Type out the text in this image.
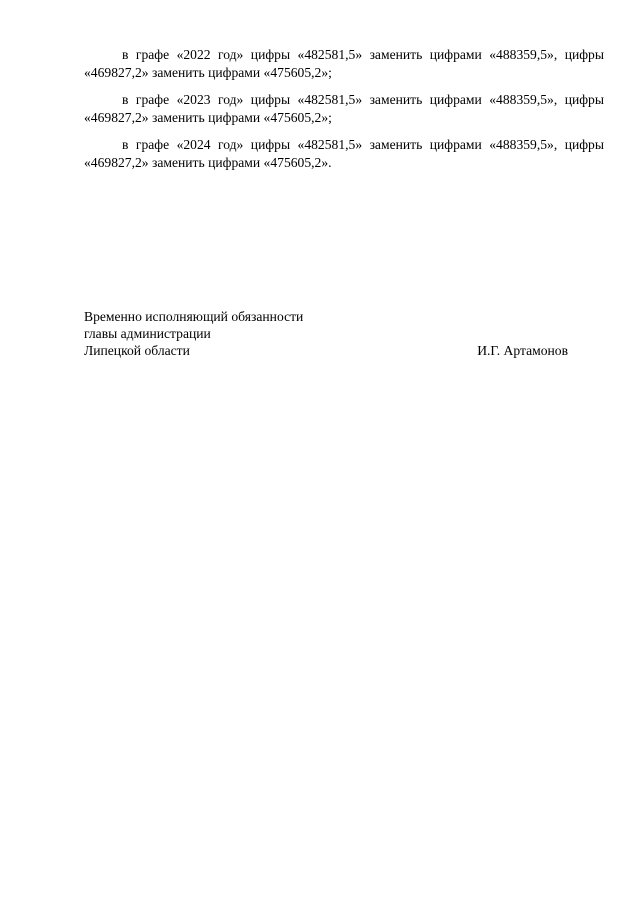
в графе «2022 год» цифры «482581,5» заменить цифрами «488359,5», цифры «469827,2» заменить цифрами «475605,2»;

в графе «2023 год» цифры «482581,5» заменить цифрами «488359,5», цифры «469827,2» заменить цифрами «475605,2»;

в графе «2024 год» цифры «482581,5» заменить цифрами «488359,5», цифры «469827,2» заменить цифрами «475605,2».

Временно исполняющий обязанности
главы администрации
Липецкой области	И.Г. Артамонов
